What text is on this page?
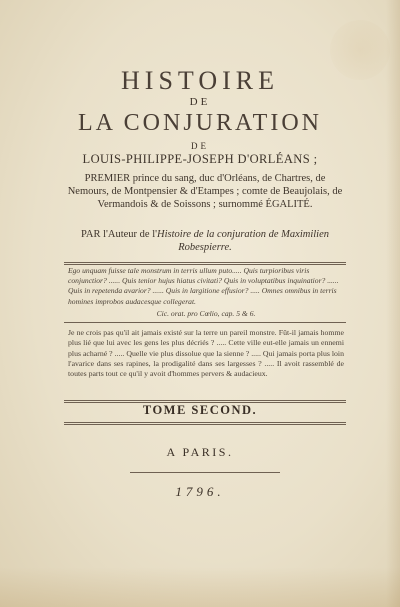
HISTOIRE
DE
LA CONJURATION
DE
LOUIS-PHILIPPE-JOSEPH D'ORLÉANS ;
PREMIER prince du sang, duc d'Orléans, de Chartres, de Nemours, de Montpensier & d'Etampes ; comte de Beaujolais, de Vermandois & de Soissons ; surnommé ÉGALITÉ.
PAR l'Auteur de l'Histoire de la conjuration de Maximilien Robespierre.
Ego unquam fuisse tale monstrum in terris ullum puto..... Quis turpioribus viris conjunctior? ...... Quis tenior hujus hiatus civitati? Quis in voluptatibus inquinatior? ...... Quis in repetenda avarior? ...... Quis in largitione effusior? ..... Omnes omnibus in terris homines improbos audacesque collegerat.
Cic. orat. pro Cœlio, cap. 5 & 6.
Je ne crois pas qu'il ait jamais existé sur la terre un pareil monstre. Fût-il jamais homme plus lié que lui avec les gens les plus décriés ? ..... Cette ville eut-elle jamais un ennemi plus acharné ? ..... Quelle vie plus dissolue que la sienne ? ..... Qui jamais porta plus loin l'avarice dans ses rapines, la prodigalité dans ses largesses ? ..... Il avoit rassemblé de toutes parts tout ce qu'il y avoit d'hommes pervers & audacieux.
TOME SECOND.
A PARIS.
1796.
